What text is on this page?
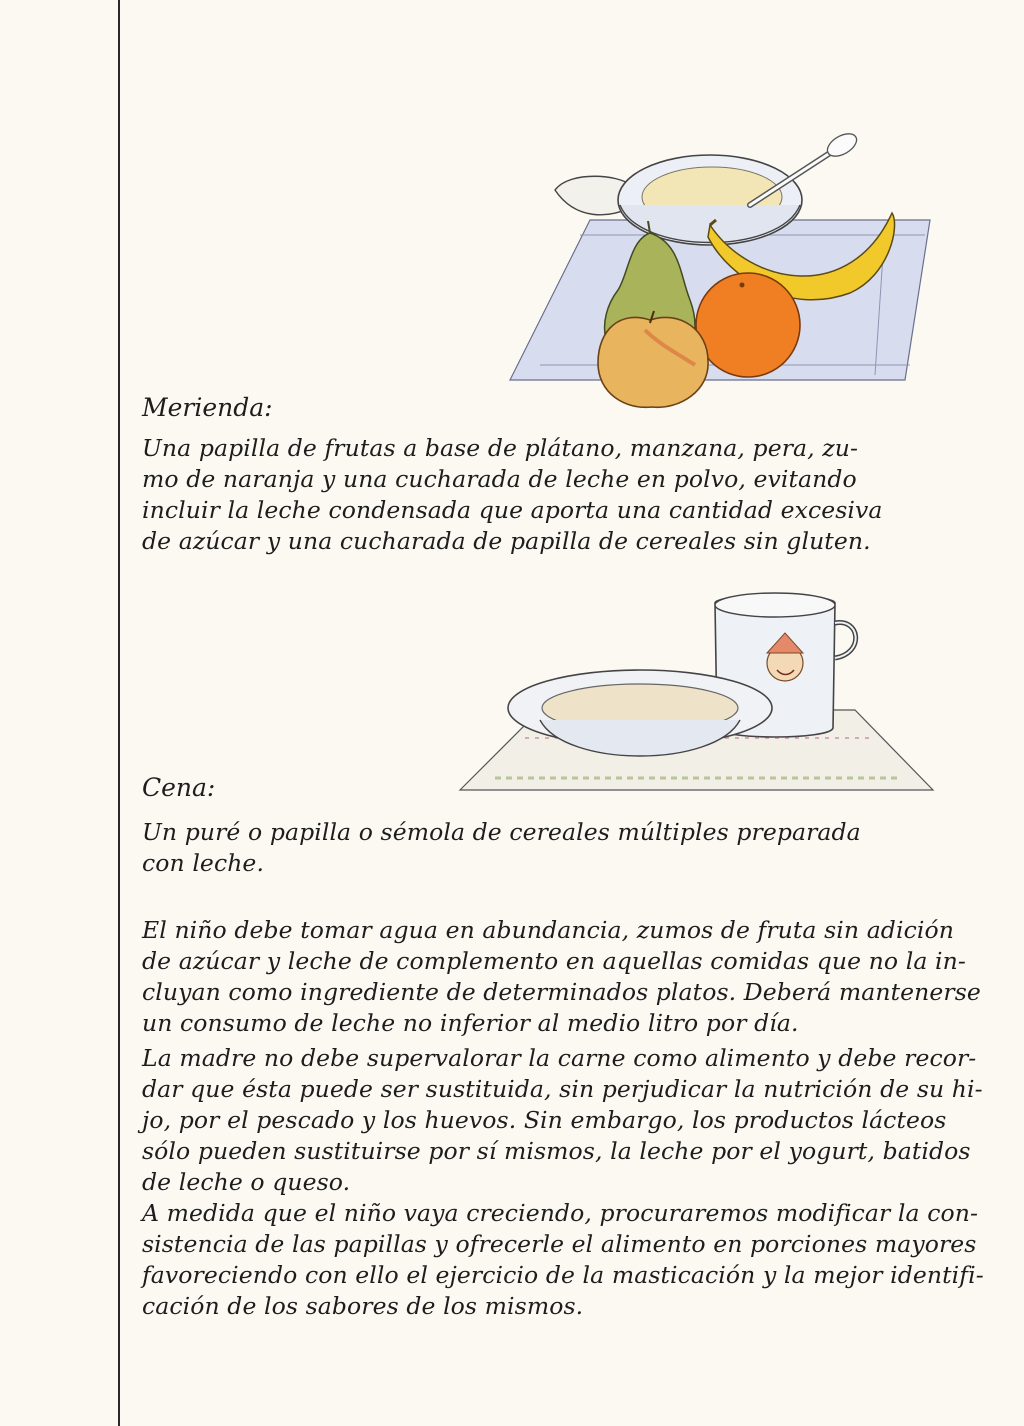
Merienda:
Una papilla de frutas a base de plátano, manzana, pera, zu-
mo de naranja y una cucharada de leche en polvo, evitando
incluir la leche condensada que aporta una cantidad excesiva
de azúcar y una cucharada de papilla de cereales sin gluten.
Cena:
Un puré o papilla o sémola de cereales múltiples preparada
con leche.
El niño debe tomar agua en abundancia, zumos de fruta sin adición
de azúcar y leche de complemento en aquellas comidas que no la in-
cluyan como ingrediente de determinados platos. Deberá mantenerse
un consumo de leche no inferior al medio litro por día.
La madre no debe supervalorar la carne como alimento y debe recor-
dar que ésta puede ser sustituida, sin perjudicar la nutrición de su hi-
jo, por el pescado y los huevos. Sin embargo, los productos lácteos
sólo pueden sustituirse por sí mismos, la leche por el yogurt, batidos
de leche o queso.
A medida que el niño vaya creciendo, procuraremos modificar la con-
sistencia de las papillas y ofrecerle el alimento en porciones mayores
favoreciendo con ello el ejercicio de la masticación y la mejor identifi-
cación de los sabores de los mismos.
